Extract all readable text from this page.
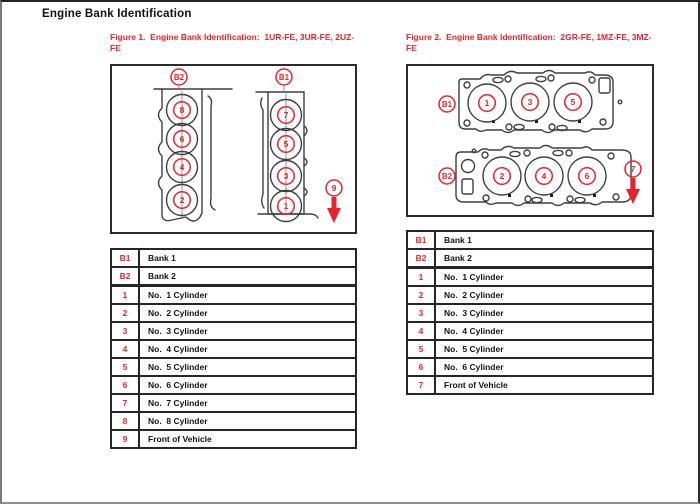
Engine Bank Identification
Figure 1.  Engine Bank Identification:  1UR-FE, 3UR-FE, 2UZ-FE
B2
8
6
4
2
B1
7
5
3
1
9
B1	Bank 1
B2	Bank 2
1	No.  1 Cylinder
2	No.  2 Cylinder
3	No.  3 Cylinder
4	No.  4 Cylinder
5	No.  5 Cylinder
6	No.  6 Cylinder
7	No.  7 Cylinder
8	No.  8 Cylinder
9	Front of Vehicle
Figure 2.  Engine Bank Identification:  2GR-FE, 1MZ-FE, 3MZ-FE
B1	1	3	5
B2	2	4	6
7
B1	Bank 1
B2	Bank 2
1	No.  1 Cylinder
2	No.  2 Cylinder
3	No.  3 Cylinder
4	No.  4 Cylinder
5	No.  5 Cylinder
6	No.  6 Cylinder
7	Front of Vehicle
